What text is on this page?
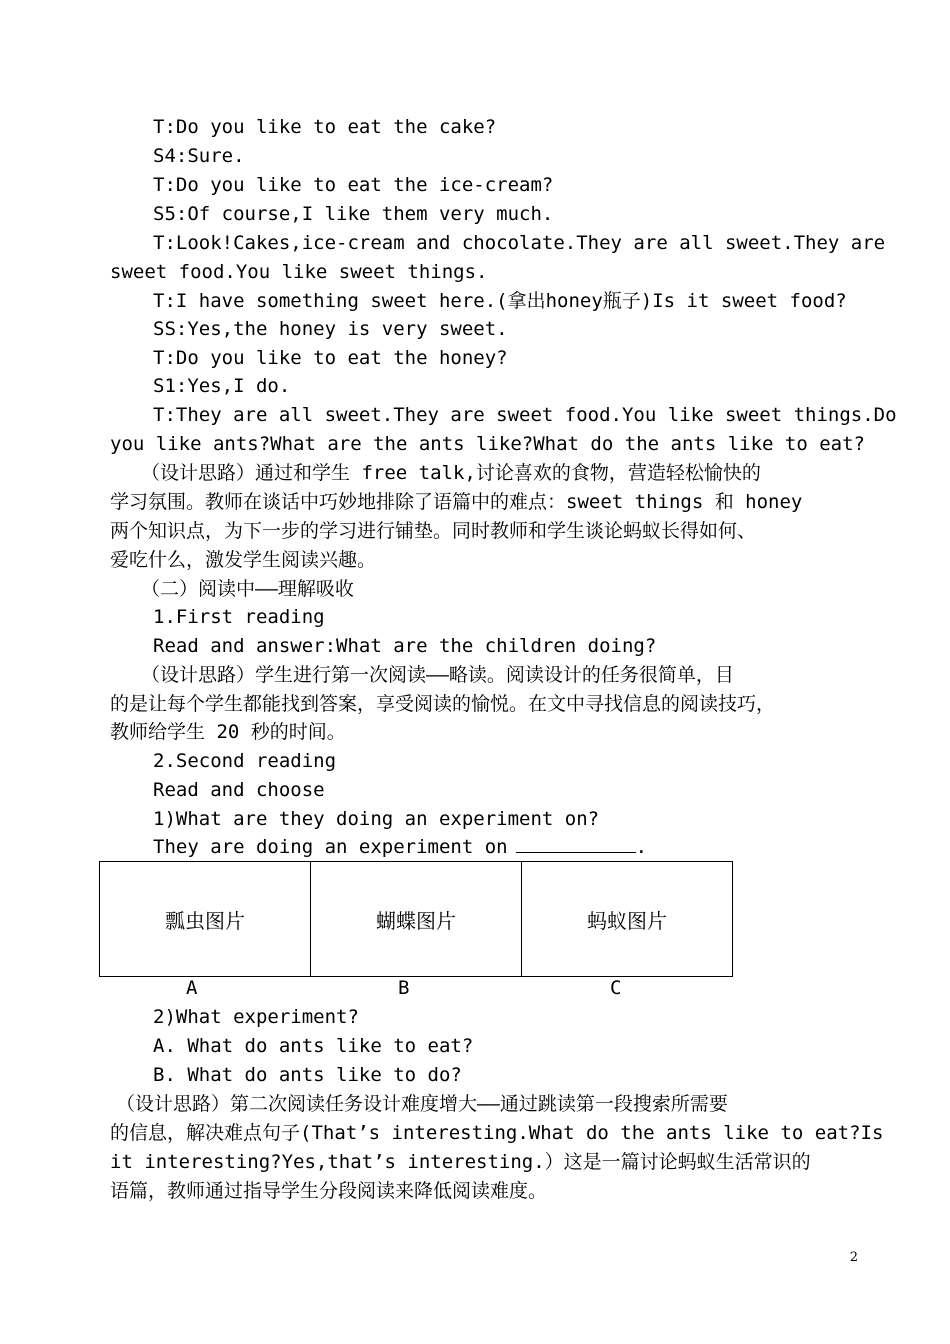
T:Do you like to eat the cake?
S4:Sure.
T:Do you like to eat the ice-cream?
S5:Of course,I like them very much.
T:Look!Cakes,ice-cream and chocolate.They are all sweet.They are
sweet food.You like sweet things.
T:I have something sweet here.(拿出honey瓶子)Is it sweet food?
SS:Yes,the honey is very sweet.
T:Do you like to eat the honey?
S1:Yes,I do.
T:They are all sweet.They are sweet food.You like sweet things.Do
you like ants?What are the ants like?What do the ants like to eat?
（设计思路）通过和学生 free talk,讨论喜欢的食物，营造轻松愉快的
学习氛围。教师在谈话中巧妙地排除了语篇中的难点：sweet things 和 honey
两个知识点，为下一步的学习进行铺垫。同时教师和学生谈论蚂蚁长得如何、
爱吃什么，激发学生阅读兴趣。
（二）阅读中——理解吸收
1.First reading
Read and answer:What are the children doing?
（设计思路）学生进行第一次阅读——略读。阅读设计的任务很简单，目
的是让每个学生都能找到答案，享受阅读的愉悦。在文中寻找信息的阅读技巧，
教师给学生 20 秒的时间。
2.Second reading
Read and choose
1)What are they doing an experiment on?
They are doing an experiment on	.
瓢虫图片	蝴蝶图片	蚂蚁图片
A	B	C
2)What experiment?
A. What do ants like to eat?
B. What do ants like to do?
（设计思路）第二次阅读任务设计难度增大——通过跳读第一段搜索所需要
的信息，解决难点句子(That’s interesting.What do the ants like to eat?Is
it interesting?Yes,that’s interesting.）这是一篇讨论蚂蚁生活常识的
语篇，教师通过指导学生分段阅读来降低阅读难度。
2
